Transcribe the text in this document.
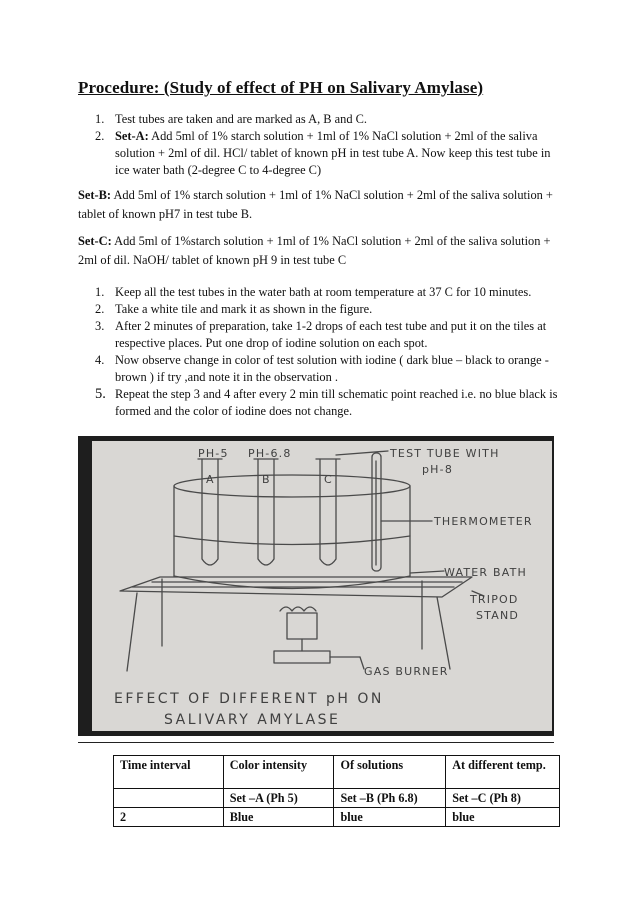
Procedure: (Study of effect of PH on Salivary Amylase)
1. Test tubes are taken and are marked as A, B and C.
2. Set-A: Add 5ml of 1% starch solution + 1ml of 1% NaCl solution + 2ml of the saliva solution + 2ml of dil. HCl/ tablet of known pH in test tube A. Now keep this test tube in ice water bath (2-degree C to 4-degree C)

Set-B: Add 5ml of 1% starch solution + 1ml of 1% NaCl solution + 2ml of the saliva solution + tablet of known pH7 in test tube B.

Set-C: Add 5ml of 1%starch solution + 1ml of 1% NaCl solution + 2ml of the saliva solution + 2ml of dil. NaOH/ tablet of known pH 9 in test tube C

1. Keep all the test tubes in the water bath at room temperature at 37 C for 10 minutes.
2. Take a white tile and mark it as shown in the figure.
3. After 2 minutes of preparation, take 1-2 drops of each test tube and put it on the tiles at respective places. Put one drop of iodine solution on each spot.
4. Now observe change in color of test solution with iodine ( dark blue – black to orange - brown ) if try ,and note it in the observation .
5. Repeat the step 3 and 4 after every 2 min till schematic point reached i.e. no blue black is formed and the color of iodine does not change.
PH-5 PH-6.8
A	B	C
TEST TUBE WITH
pH-8
THERMOMETER
WATER BATH
TRIPOD
STAND
GAS BURNER
EFFECT OF DIFFERENT pH ON
SALIVARY AMYLASE
Time interval	Color intensity	Of solutions	At different temp.
	Set –A (Ph 5)	Set –B (Ph 6.8)	Set –C (Ph 8)
2	Blue	blue	blue
